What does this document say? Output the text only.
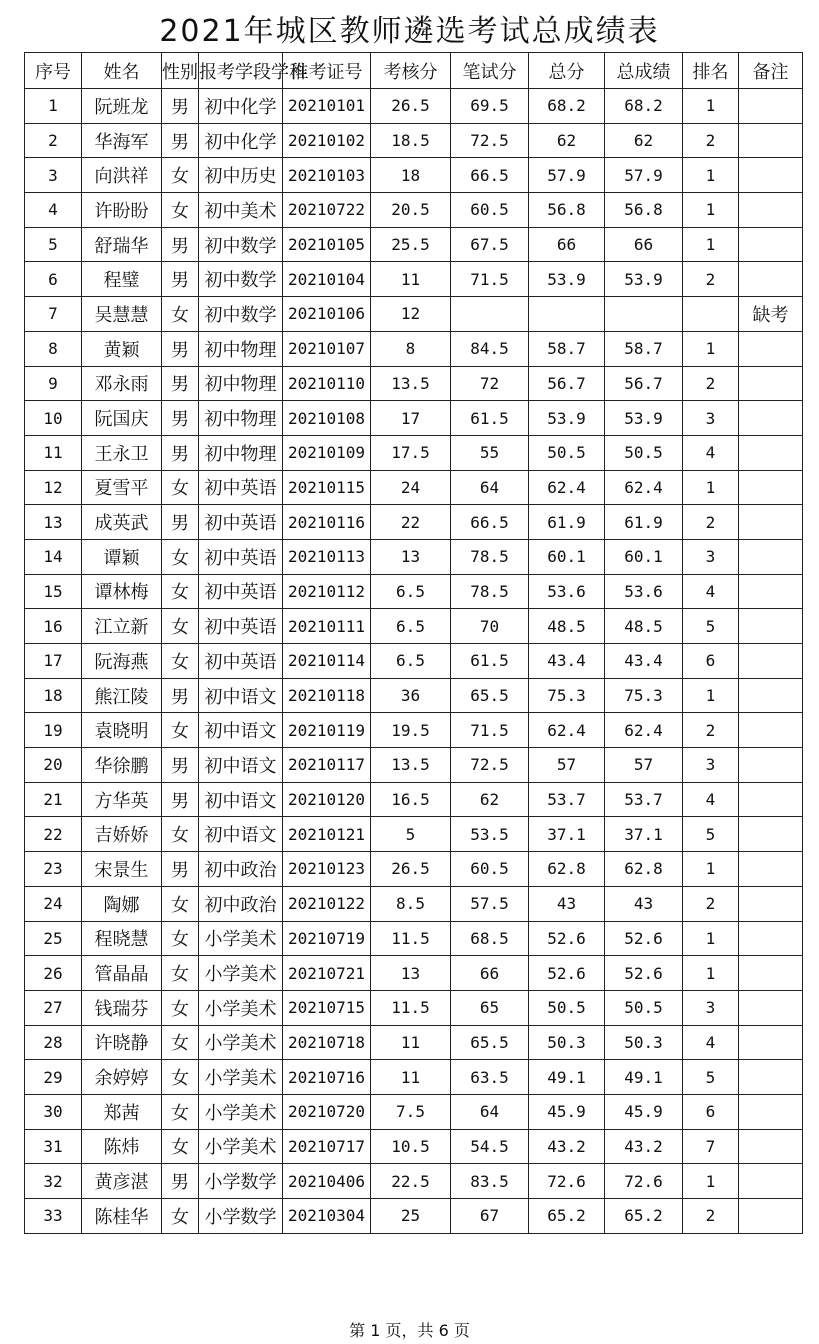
2021年城区教师遴选考试总成绩表
序号	姓名	性别	报考学段学科	准考证号	考核分	笔试分	总分	总成绩	排名	备注
1	阮班龙	男	初中化学	20210101	26.5	69.5	68.2	68.2	1	
2	华海军	男	初中化学	20210102	18.5	72.5	62	62	2	
3	向洪祥	女	初中历史	20210103	18	66.5	57.9	57.9	1	
4	许盼盼	女	初中美术	20210722	20.5	60.5	56.8	56.8	1	
5	舒瑞华	男	初中数学	20210105	25.5	67.5	66	66	1	
6	程璧	男	初中数学	20210104	11	71.5	53.9	53.9	2	
7	吴慧慧	女	初中数学	20210106	12					缺考
8	黄颖	男	初中物理	20210107	8	84.5	58.7	58.7	1	
9	邓永雨	男	初中物理	20210110	13.5	72	56.7	56.7	2	
10	阮国庆	男	初中物理	20210108	17	61.5	53.9	53.9	3	
11	王永卫	男	初中物理	20210109	17.5	55	50.5	50.5	4	
12	夏雪平	女	初中英语	20210115	24	64	62.4	62.4	1	
13	成英武	男	初中英语	20210116	22	66.5	61.9	61.9	2	
14	谭颖	女	初中英语	20210113	13	78.5	60.1	60.1	3	
15	谭林梅	女	初中英语	20210112	6.5	78.5	53.6	53.6	4	
16	江立新	女	初中英语	20210111	6.5	70	48.5	48.5	5	
17	阮海燕	女	初中英语	20210114	6.5	61.5	43.4	43.4	6	
18	熊江陵	男	初中语文	20210118	36	65.5	75.3	75.3	1	
19	袁晓明	女	初中语文	20210119	19.5	71.5	62.4	62.4	2	
20	华徐鹏	男	初中语文	20210117	13.5	72.5	57	57	3	
21	方华英	男	初中语文	20210120	16.5	62	53.7	53.7	4	
22	吉娇娇	女	初中语文	20210121	5	53.5	37.1	37.1	5	
23	宋景生	男	初中政治	20210123	26.5	60.5	62.8	62.8	1	
24	陶娜	女	初中政治	20210122	8.5	57.5	43	43	2	
25	程晓慧	女	小学美术	20210719	11.5	68.5	52.6	52.6	1	
26	管晶晶	女	小学美术	20210721	13	66	52.6	52.6	1	
27	钱瑞芬	女	小学美术	20210715	11.5	65	50.5	50.5	3	
28	许晓静	女	小学美术	20210718	11	65.5	50.3	50.3	4	
29	余婷婷	女	小学美术	20210716	11	63.5	49.1	49.1	5	
30	郑茜	女	小学美术	20210720	7.5	64	45.9	45.9	6	
31	陈炜	女	小学美术	20210717	10.5	54.5	43.2	43.2	7	
32	黄彦湛	男	小学数学	20210406	22.5	83.5	72.6	72.6	1	
33	陈桂华	女	小学数学	20210304	25	67	65.2	65.2	2	
第 1 页，共 6 页
